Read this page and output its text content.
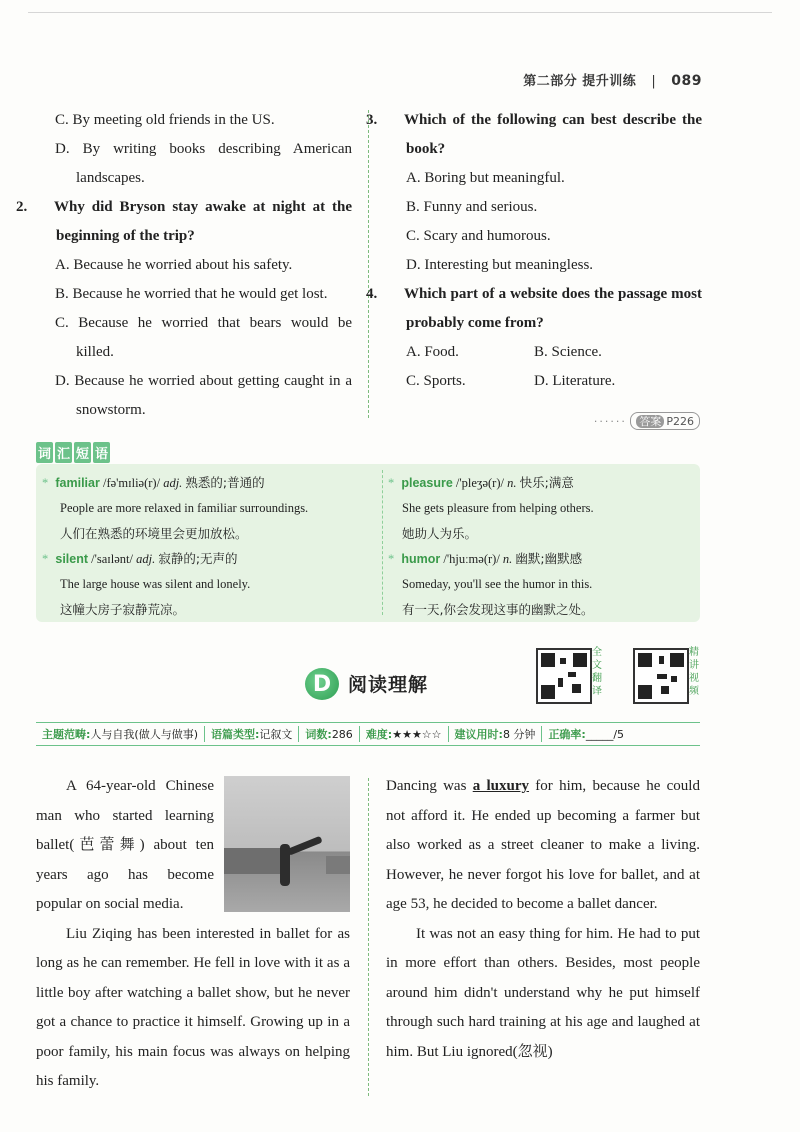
第二部分 提升训练 | 089
C. By meeting old friends in the US.
D. By writing books describing American landscapes.
2. Why did Bryson stay awake at night at the beginning of the trip?
A. Because he worried about his safety.
B. Because he worried that he would get lost.
C. Because he worried that bears would be killed.
D. Because he worried about getting caught in a snowstorm.
3. Which of the following can best describe the book?
A. Boring but meaningful.
B. Funny and serious.
C. Scary and humorous.
D. Interesting but meaningless.
4. Which part of a website does the passage most probably come from?
A. Food.	B. Science.
C. Sports.	D. Literature.
······ 答案 P226
词 汇 短 语
* familiar /fə'mɪliə(r)/ adj. 熟悉的;普通的
People are more relaxed in familiar surroundings.
人们在熟悉的环境里会更加放松。
* silent /'saɪlənt/ adj. 寂静的;无声的
The large house was silent and lonely.
这幢大房子寂静荒凉。
* pleasure /'pleʒə(r)/ n. 快乐;满意
She gets pleasure from helping others.
她助人为乐。
* humor /'hjuːmə(r)/ n. 幽默;幽默感
Someday, you'll see the humor in this.
有一天,你会发现这事的幽默之处。
D 阅读理解
全
文
翻
译
精
讲
视
频
主题范畴:人与自我(做人与做事)	语篇类型:记叙文	词数:286	难度:★★★☆☆	建议用时:8 分钟	正确率:_____/5

A 64-year-old Chinese man who started learning ballet(芭蕾舞) about ten years ago has become popular on social media.

Liu Ziqing has been interested in ballet for as long as he can remember. He fell in love with it as a little boy after watching a ballet show, but he never got a chance to practice it himself. Growing up in a poor family, his main focus was always on helping his family.

Dancing was a luxury for him, because he could not afford it. He ended up becoming a farmer but also worked as a street cleaner to make a living. However, he never forgot his love for ballet, and at age 53, he decided to become a ballet dancer.

It was not an easy thing for him. He had to put in more effort than others. Besides, most people around him didn't understand why he put himself through such hard training at his age and laughed at him. But Liu ignored(忽视)
